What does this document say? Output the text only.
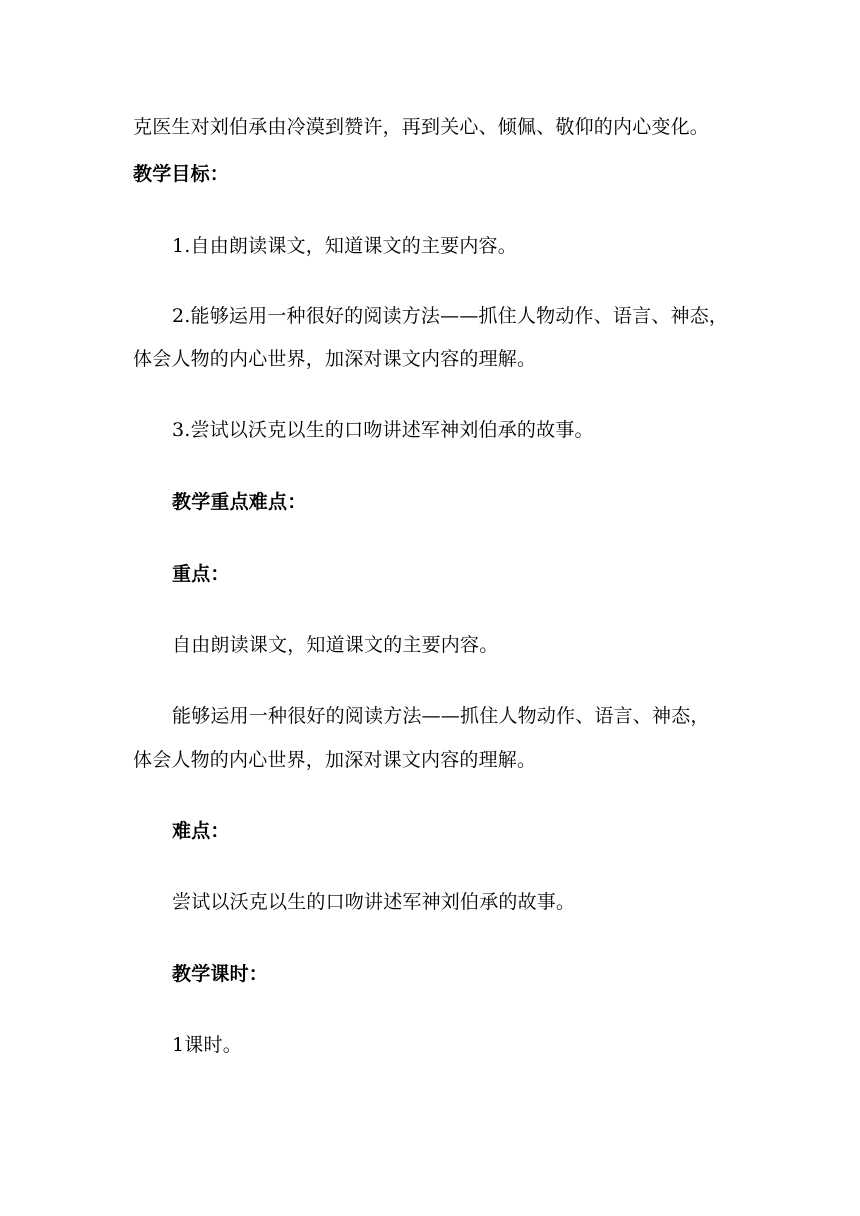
克医生对刘伯承由冷漠到赞许，再到关心、倾佩、敬仰的内心变化。
教学目标：
1.自由朗读课文，知道课文的主要内容。
2.能够运用一种很好的阅读方法——抓住人物动作、语言、神态，
体会人物的内心世界，加深对课文内容的理解。
3.尝试以沃克以生的口吻讲述军神刘伯承的故事。
教学重点难点：
重点：
自由朗读课文，知道课文的主要内容。
能够运用一种很好的阅读方法——抓住人物动作、语言、神态，
体会人物的内心世界，加深对课文内容的理解。
难点：
尝试以沃克以生的口吻讲述军神刘伯承的故事。
教学课时：
1课时。
